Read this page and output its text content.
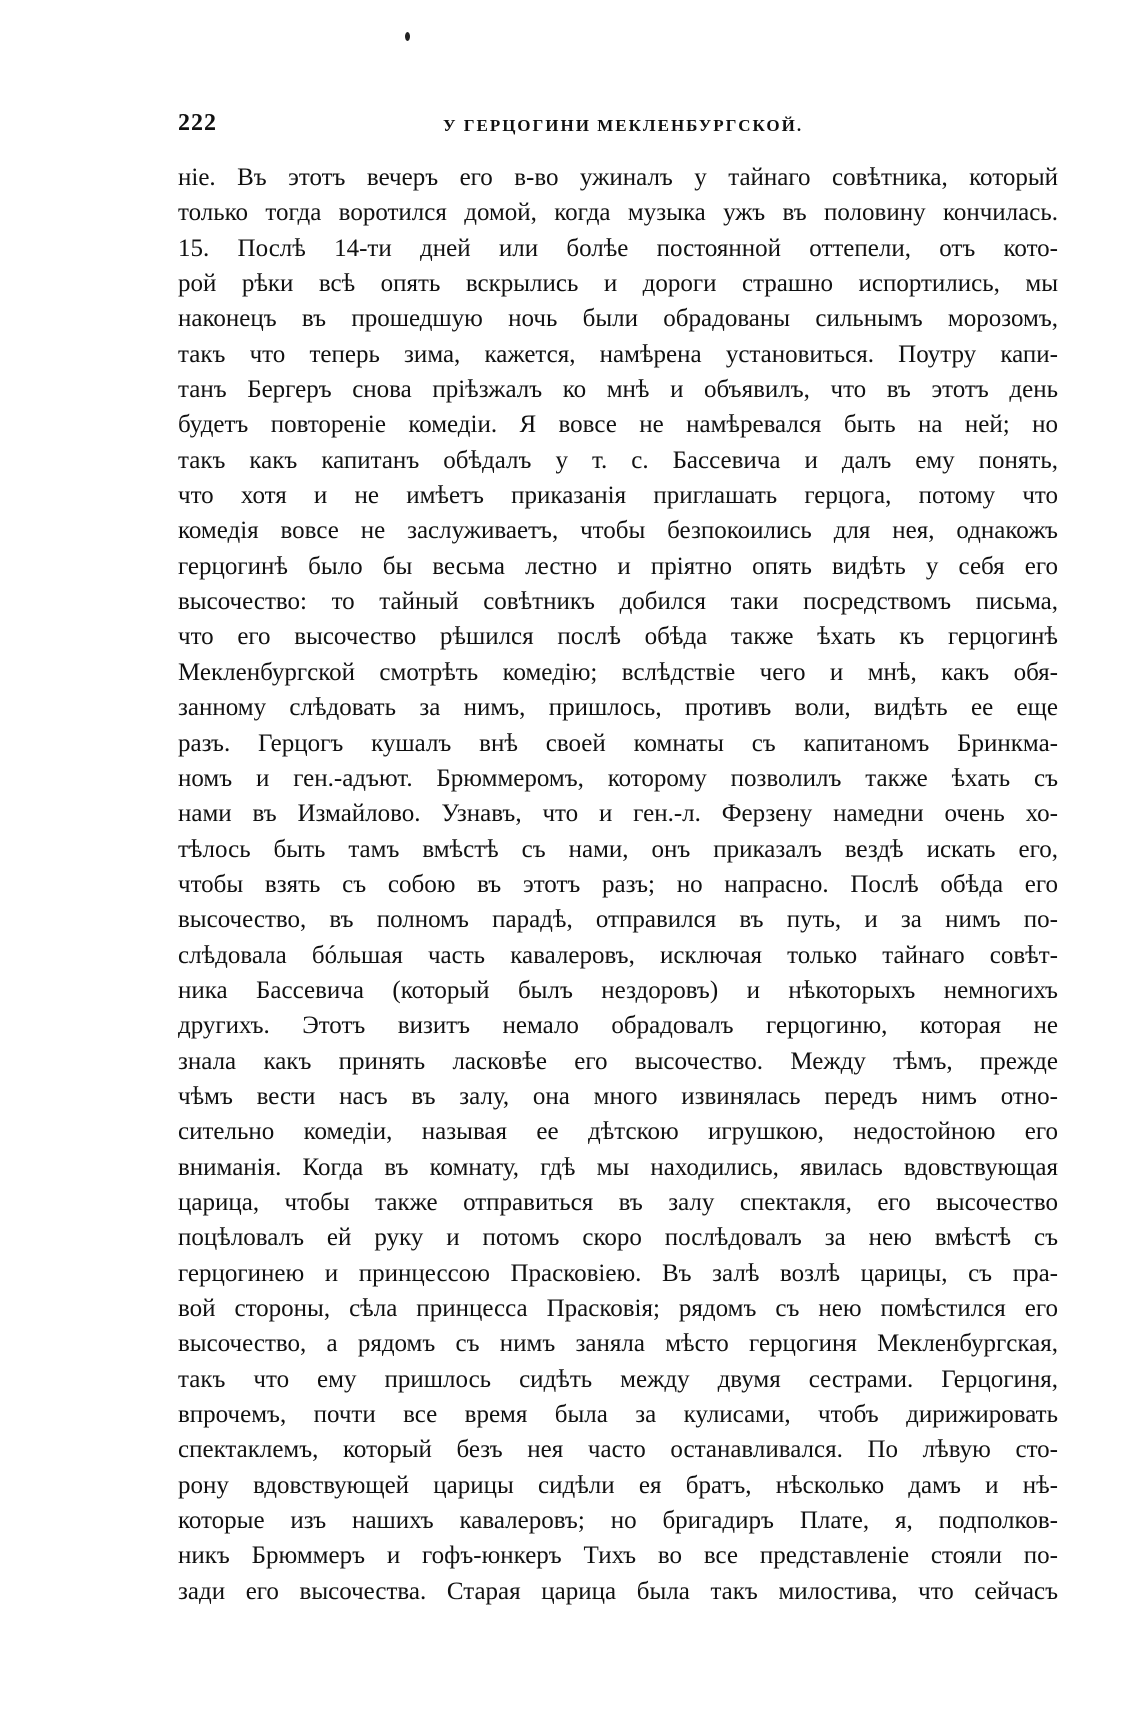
222	У ГЕРЦОГИНИ МЕКЛЕНБУРГСКОЙ.
ніе. Въ этотъ вечеръ его в-во ужиналъ у тайнаго совѣтника, который
только тогда воротился домой, когда музыка ужъ въ половину кончилась.
15. Послѣ 14-ти дней или болѣе постоянной оттепели, отъ кото-
рой рѣки всѣ опять вскрылись и дороги страшно испортились, мы
наконецъ въ прошедшую ночь были обрадованы сильнымъ морозомъ,
такъ что теперь зима, кажется, намѣрена установиться. Поутру капи-
танъ Бергеръ снова пріѣзжалъ ко мнѣ и объявилъ, что въ этотъ день
будетъ повтореніе комедіи. Я вовсе не намѣревался быть на ней; но
такъ какъ капитанъ обѣдалъ у т. с. Бассевича и далъ ему понять,
что хотя и не имѣетъ приказанія приглашать герцога, потому что
комедія вовсе не заслуживаетъ, чтобы безпокоились для нея, однакожъ
герцогинѣ было бы весьма лестно и пріятно опять видѣть у себя его
высочество: то тайный совѣтникъ добился таки посредствомъ письма,
что его высочество рѣшился послѣ обѣда также ѣхать къ герцогинѣ
Мекленбургской смотрѣть комедію; вслѣдствіе чего и мнѣ, какъ обя-
занному слѣдовать за нимъ, пришлось, противъ воли, видѣть ее еще
разъ. Герцогъ кушалъ внѣ своей комнаты съ капитаномъ Бринкма-
номъ и ген.-адъют. Брюммеромъ, которому позволилъ также ѣхать съ
нами въ Измайлово. Узнавъ, что и ген.-л. Ферзену намедни очень хо-
тѣлось быть тамъ вмѣстѣ съ нами, онъ приказалъ вездѣ искать его,
чтобы взять съ собою въ этотъ разъ; но напрасно. Послѣ обѣда его
высочество, въ полномъ парадѣ, отправился въ путь, и за нимъ по-
слѣдовала бóльшая часть кавалеровъ, исключая только тайнаго совѣт-
ника Бассевича (который былъ нездоровъ) и нѣкоторыхъ немногихъ
другихъ. Этотъ визитъ немало обрадовалъ герцогиню, которая не
знала какъ принять ласковѣе его высочество. Между тѣмъ, прежде
чѣмъ вести насъ въ залу, она много извинялась передъ нимъ отно-
сительно комедіи, называя ее дѣтскою игрушкою, недостойною его
вниманія. Когда въ комнату, гдѣ мы находились, явилась вдовствующая
царица, чтобы также отправиться въ залу спектакля, его высочество
поцѣловалъ ей руку и потомъ скоро послѣдовалъ за нею вмѣстѣ съ
герцогинею и принцессою Прасковіею. Въ залѣ возлѣ царицы, съ пра-
вой стороны, сѣла принцесса Прасковія; рядомъ съ нею помѣстился его
высочество, а рядомъ съ нимъ заняла мѣсто герцогиня Мекленбургская,
такъ что ему пришлось сидѣть между двумя сестрами. Герцогиня,
впрочемъ, почти все время была за кулисами, чтобъ дирижировать
спектаклемъ, который безъ нея часто останавливался. По лѣвую сто-
рону вдовствующей царицы сидѣли ея братъ, нѣсколько дамъ и нѣ-
которые изъ нашихъ кавалеровъ; но бригадиръ Платe, я, подполков-
никъ Брюммеръ и гофъ-юнкеръ Тихъ во все представленіе стояли по-
зади его высочества. Старая царица была такъ милостива, что сейчасъ
